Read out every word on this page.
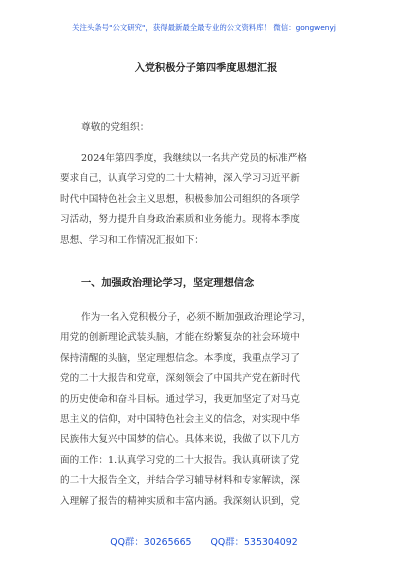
关注头条号"公文研究"，获得最新最全最专业的公文资料库！ 微信：gongwenyj
入党积极分子第四季度思想汇报
尊敬的党组织：
2024年第四季度，我继续以一名共产党员的标准严格
要求自己，认真学习党的二十大精神，深入学习习近平新
时代中国特色社会主义思想，积极参加公司组织的各项学
习活动，努力提升自身政治素质和业务能力。现将本季度
思想、学习和工作情况汇报如下：
一、加强政治理论学习，坚定理想信念
作为一名入党积极分子，必须不断加强政治理论学习，
用党的创新理论武装头脑，才能在纷繁复杂的社会环境中
保持清醒的头脑，坚定理想信念。本季度，我重点学习了
党的二十大报告和党章，深刻领会了中国共产党在新时代
的历史使命和奋斗目标。通过学习，我更加坚定了对马克
思主义的信仰，对中国特色社会主义的信念，对实现中华
民族伟大复兴中国梦的信心。具体来说，我做了以下几方
面的工作：1.认真学习党的二十大报告。我认真研读了党
的二十大报告全文，并结合学习辅导材料和专家解读，深
入理解了报告的精神实质和丰富内涵。我深刻认识到，党
QQ群：30265665 QQ群：535304092
